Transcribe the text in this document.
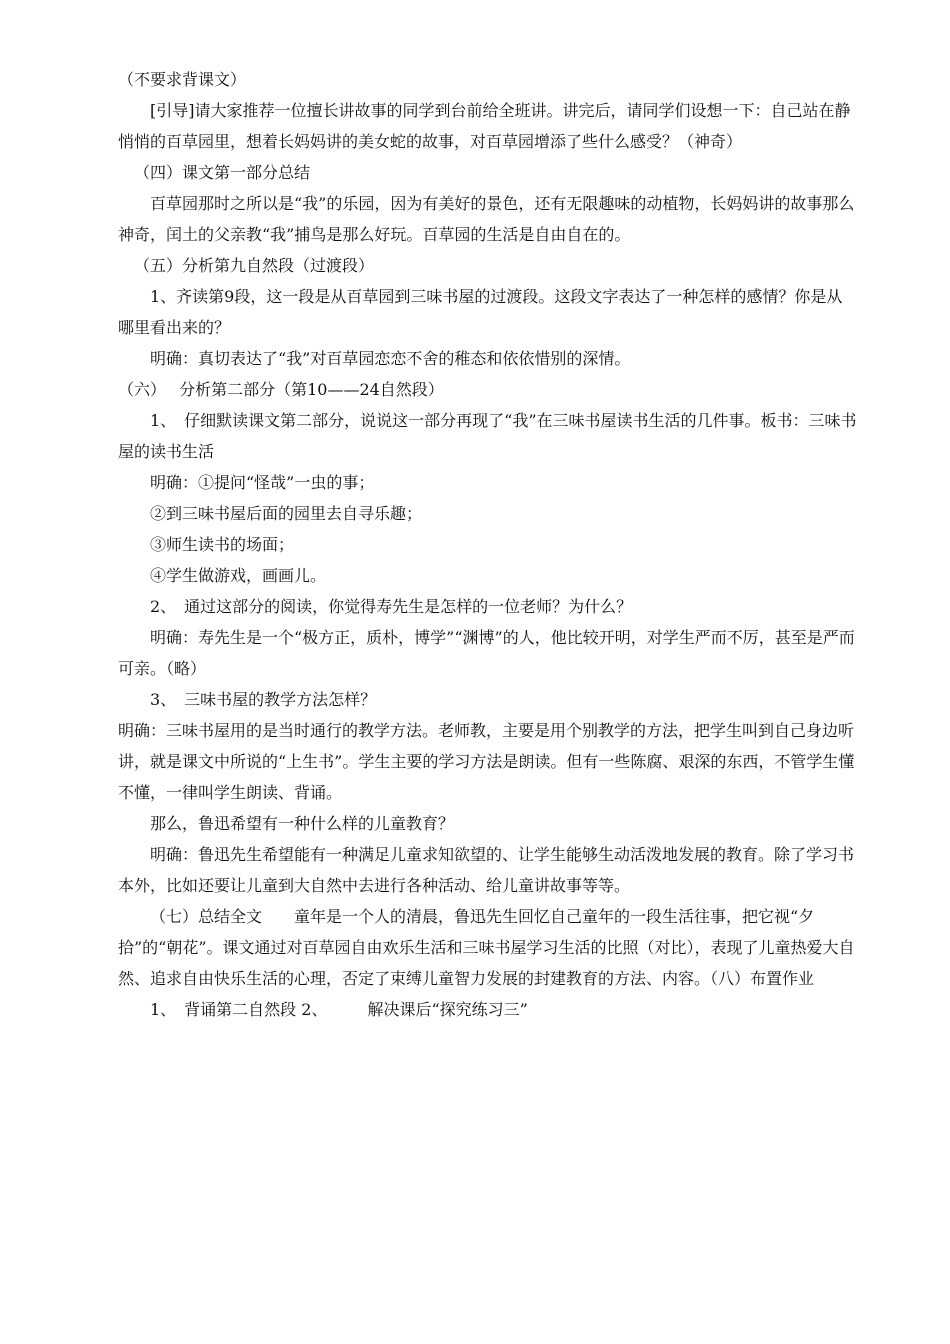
（不要求背课文）

[引导]请大家推荐一位擅长讲故事的同学到台前给全班讲。讲完后，请同学们设想一下：自己站在静悄悄的百草园里，想着长妈妈讲的美女蛇的故事，对百草园增添了些什么感受？（神奇）

（四）课文第一部分总结

百草园那时之所以是“我”的乐园，因为有美好的景色，还有无限趣味的动植物，长妈妈讲的故事那么神奇，闰土的父亲教“我”捕鸟是那么好玩。百草园的生活是自由自在的。

（五）分析第九自然段（过渡段）

1、齐读第9段，这一段是从百草园到三味书屋的过渡段。这段文字表达了一种怎样的感情？你是从哪里看出来的？

明确：真切表达了“我”对百草园恋恋不舍的稚态和依依惜别的深情。

（六）　 分析第二部分（第10——24自然段）

1、　仔细默读课文第二部分，说说这一部分再现了“我”在三味书屋读书生活的几件事。板书：三味书屋的读书生活

明确：①提问“怪哉”一虫的事；

②到三味书屋后面的园里去自寻乐趣；

③师生读书的场面；

④学生做游戏，画画儿。

2、　通过这部分的阅读，你觉得寿先生是怎样的一位老师？为什么？

明确：寿先生是一个“极方正，质朴，博学”“渊博”的人，他比较开明，对学生严而不厉，甚至是严而可亲。（略）

3、　三味书屋的教学方法怎样？

明确：三味书屋用的是当时通行的教学方法。老师教，主要是用个别教学的方法，把学生叫到自己身边听讲，就是课文中所说的“上生书”。学生主要的学习方法是朗读。但有一些陈腐、艰深的东西，不管学生懂不懂，一律叫学生朗读、背诵。

那么，鲁迅希望有一种什么样的儿童教育？

明确：鲁迅先生希望能有一种满足儿童求知欲望的、让学生能够生动活泼地发展的教育。除了学习书本外，比如还要让儿童到大自然中去进行各种活动、给儿童讲故事等等。

（七）总结全文　　童年是一个人的清晨，鲁迅先生回忆自己童年的一段生活往事，把它视“夕拾”的“朝花”。课文通过对百草园自由欢乐生活和三味书屋学习生活的比照（对比），表现了儿童热爱大自然、追求自由快乐生活的心理，否定了束缚儿童智力发展的封建教育的方法、内容。（八）布置作业

1、　背诵第二自然段 2、　　　解决课后“探究练习三”
